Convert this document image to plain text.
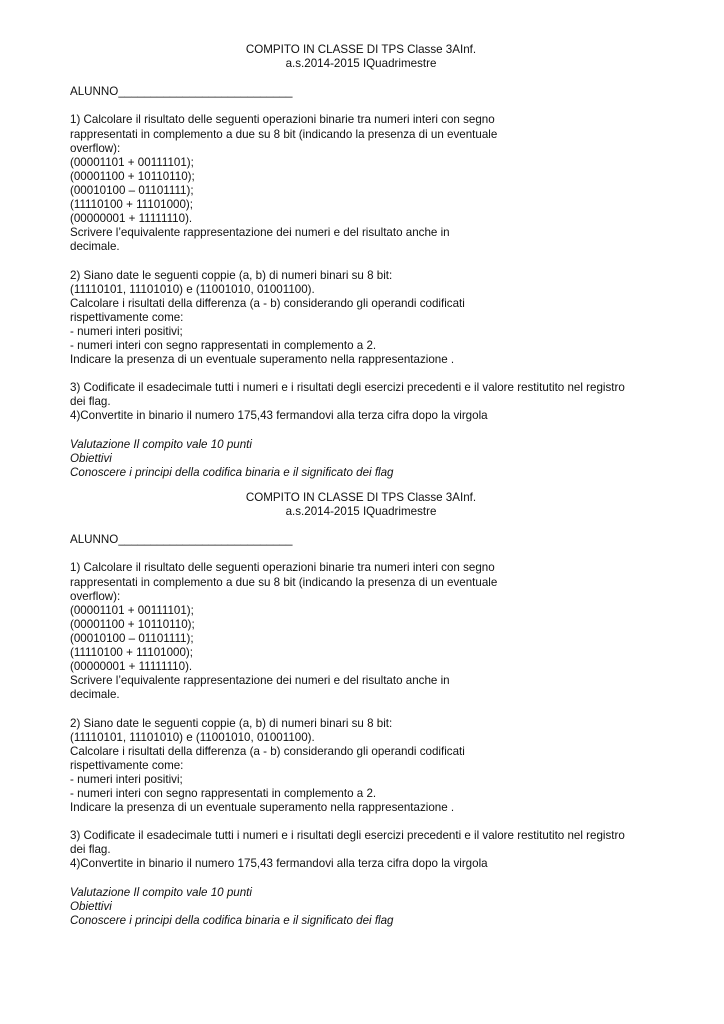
COMPITO IN CLASSE DI TPS Classe 3AInf.
a.s.2014-2015 IQuadrimestre
ALUNNO___________________________
1) Calcolare il risultato delle seguenti operazioni binarie tra numeri interi con segno
rappresentati in complemento a due su 8 bit (indicando la presenza di un eventuale
overflow):
(00001101 + 00111101);
(00001100 + 10110110);
(00010100 – 01101111);
(11110100 + 11101000);
(00000001 + 11111110).
Scrivere l’equivalente rappresentazione dei numeri e del risultato anche in
decimale.
2) Siano date le seguenti coppie (a, b) di numeri binari su 8 bit:
(11110101, 11101010) e (11001010, 01001100).
Calcolare i risultati della differenza (a - b) considerando gli operandi codificati
rispettivamente come:
- numeri interi positivi;
- numeri interi con segno rappresentati in complemento a 2.
Indicare la presenza di un eventuale superamento nella rappresentazione .
3) Codificate il esadecimale tutti i numeri e i risultati degli esercizi precedenti e il valore restitutito nel registro
dei flag.
4)Convertite in binario il numero 175,43 fermandovi alla terza cifra dopo la virgola
Valutazione Il compito vale 10 punti
Obiettivi
Conoscere i principi della codifica binaria e il significato dei flag
COMPITO IN CLASSE DI TPS Classe 3AInf.
a.s.2014-2015 IQuadrimestre
ALUNNO___________________________
1) Calcolare il risultato delle seguenti operazioni binarie tra numeri interi con segno
rappresentati in complemento a due su 8 bit (indicando la presenza di un eventuale
overflow):
(00001101 + 00111101);
(00001100 + 10110110);
(00010100 – 01101111);
(11110100 + 11101000);
(00000001 + 11111110).
Scrivere l’equivalente rappresentazione dei numeri e del risultato anche in
decimale.
2) Siano date le seguenti coppie (a, b) di numeri binari su 8 bit:
(11110101, 11101010) e (11001010, 01001100).
Calcolare i risultati della differenza (a - b) considerando gli operandi codificati
rispettivamente come:
- numeri interi positivi;
- numeri interi con segno rappresentati in complemento a 2.
Indicare la presenza di un eventuale superamento nella rappresentazione .
3) Codificate il esadecimale tutti i numeri e i risultati degli esercizi precedenti e il valore restitutito nel registro
dei flag.
4)Convertite in binario il numero 175,43 fermandovi alla terza cifra dopo la virgola
Valutazione Il compito vale 10 punti
Obiettivi
Conoscere i principi della codifica binaria e il significato dei flag
